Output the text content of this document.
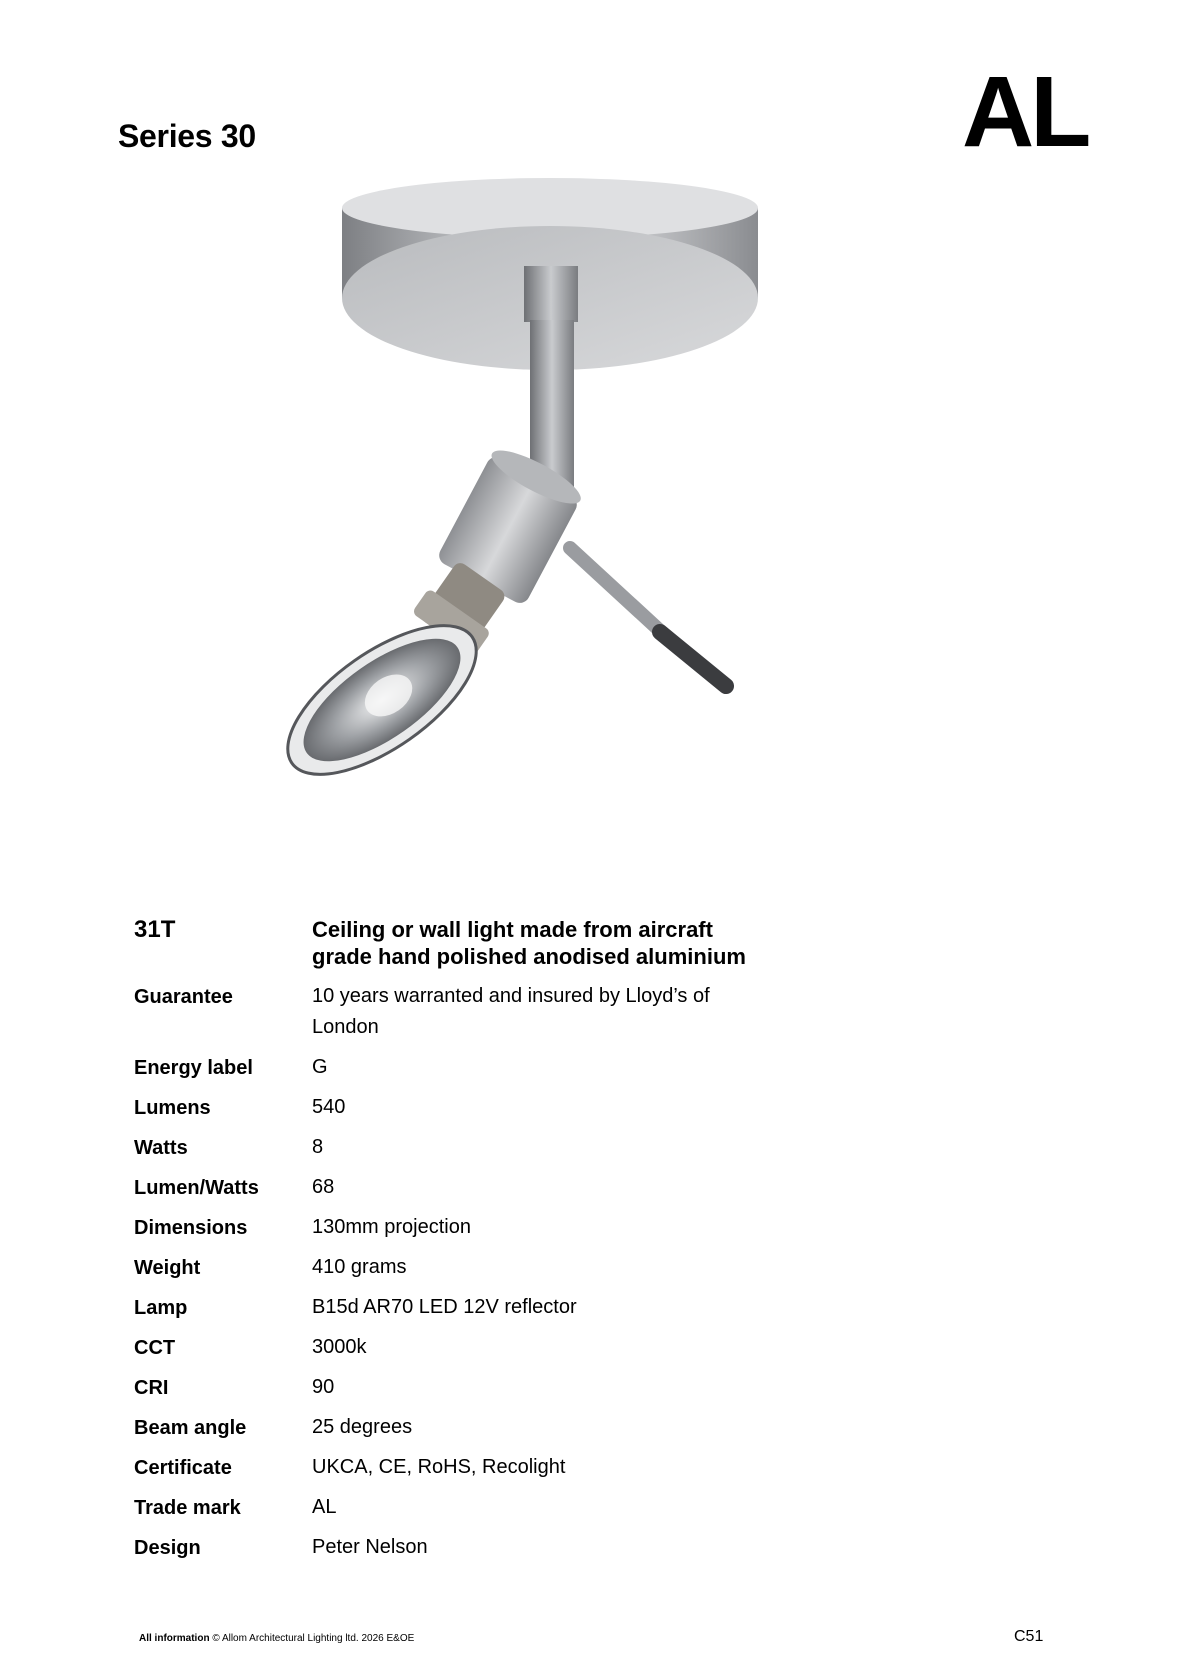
Series 30	AL
31T	Ceiling or wall light made from aircraft grade hand polished anodised aluminium
Guarantee	10 years warranted and insured by Lloyd’s of London
Energy label	G
Lumens	540
Watts	8
Lumen/Watts	68
Dimensions	130mm projection
Weight	410 grams
Lamp	B15d AR70 LED 12V reflector
CCT	3000k
CRI	90
Beam angle	25 degrees
Certificate	UKCA, CE, RoHS, Recolight
Trade mark	AL
Design	Peter Nelson
All information © Allom Architectural Lighting ltd. 2026 E&OE	C51
